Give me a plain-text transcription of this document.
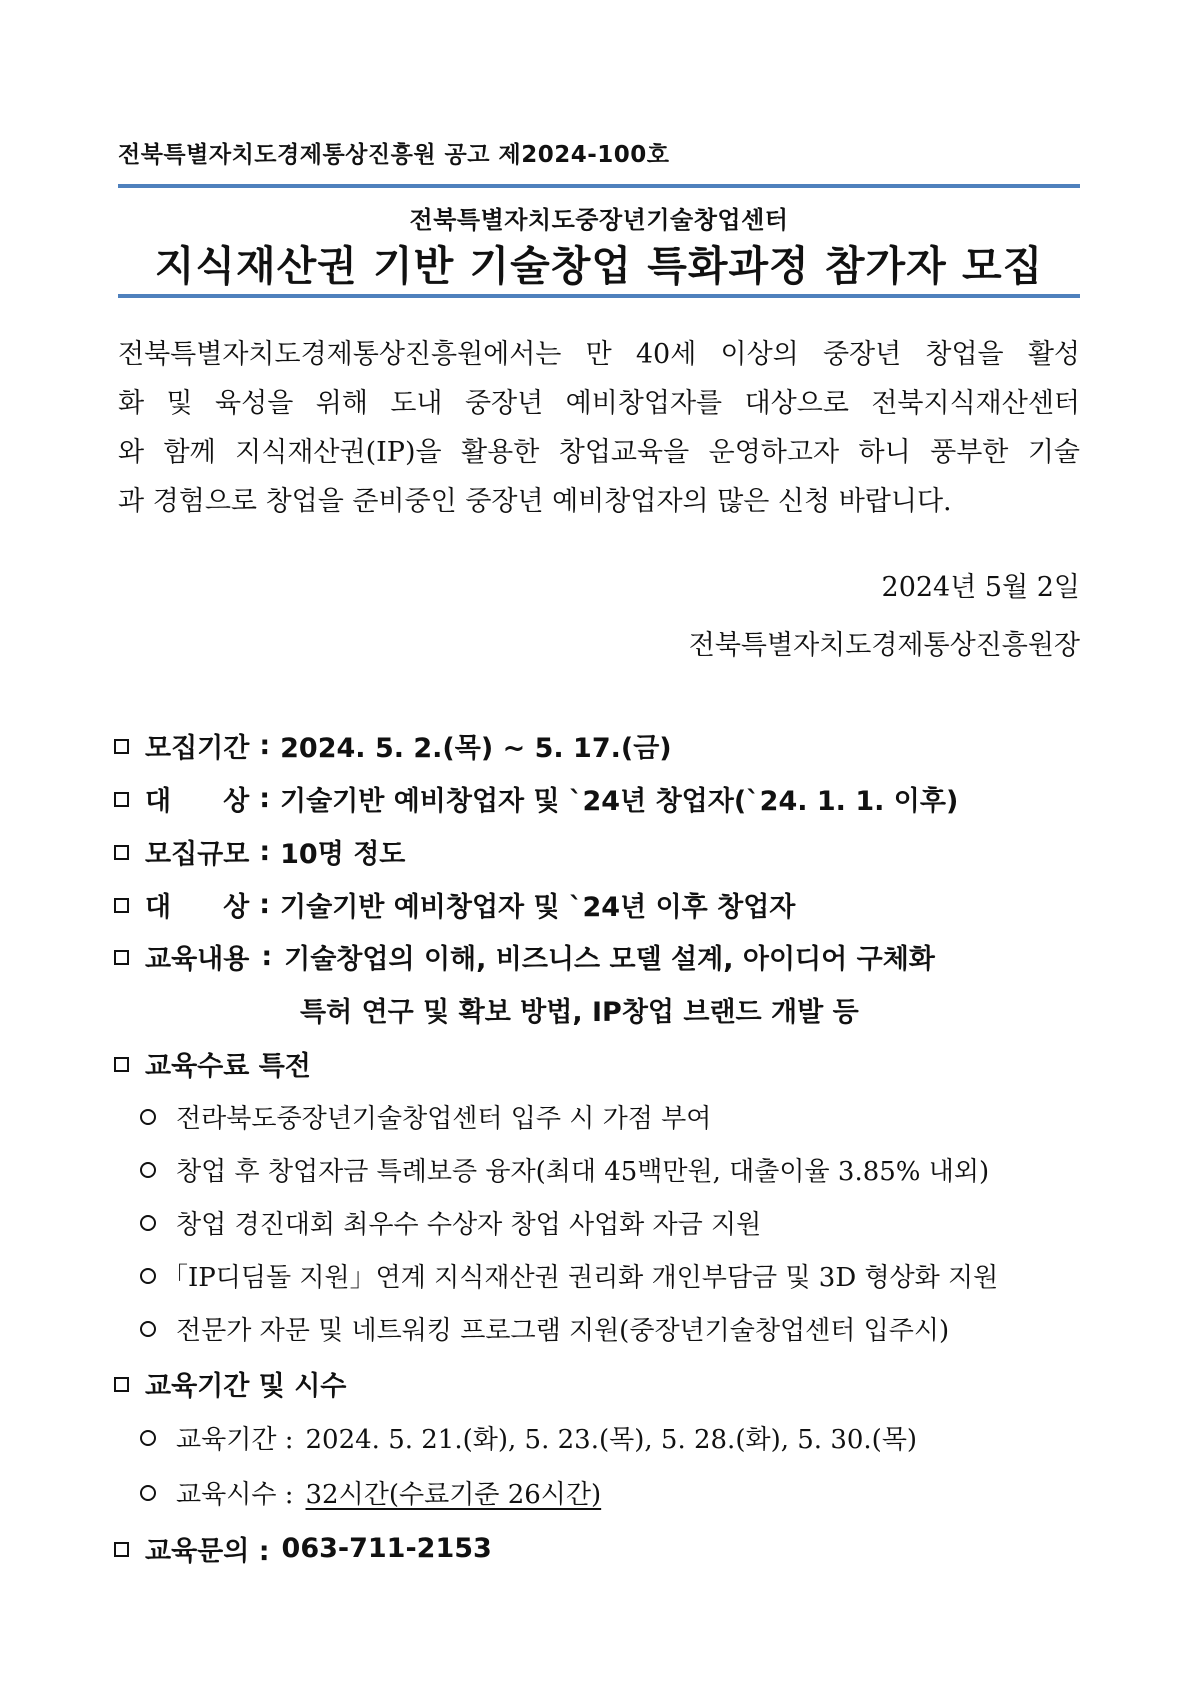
전북특별자치도경제통상진흥원 공고 제2024-100호
전북특별자치도중장년기술창업센터
지식재산권 기반 기술창업 특화과정 참가자 모집
전북특별자치도경제통상진흥원에서는 만 40세 이상의 중장년 창업을 활성
화 및 육성을 위해 도내 중장년 예비창업자를 대상으로 전북지식재산센터
와 함께 지식재산권(IP)을 활용한 창업교육을 운영하고자 하니 풍부한 기술
과 경험으로 창업을 준비중인 중장년 예비창업자의 많은 신청 바랍니다.
2024년 5월 2일
전북특별자치도경제통상진흥원장
모집기간 : 2024. 5. 2.(목) ~ 5. 17.(금)
대 상 : 기술기반 예비창업자 및 `24년 창업자(`24. 1. 1. 이후)
모집규모 : 10명 정도
대 상 : 기술기반 예비창업자 및 `24년 이후 창업자
교육내용 : 기술창업의 이해, 비즈니스 모델 설계, 아이디어 구체화
특허 연구 및 확보 방법, IP창업 브랜드 개발 등
교육수료 특전
전라북도중장년기술창업센터 입주 시 가점 부여
창업 후 창업자금 특례보증 융자(최대 45백만원, 대출이율 3.85% 내외)
창업 경진대회 최우수 수상자 창업 사업화 자금 지원
「IP디딤돌 지원」연계 지식재산권 권리화 개인부담금 및 3D 형상화 지원
전문가 자문 및 네트워킹 프로그램 지원(중장년기술창업센터 입주시)
교육기간 및 시수
교육기간 : 2024. 5. 21.(화), 5. 23.(목), 5. 28.(화), 5. 30.(목)
교육시수 : 32시간(수료기준 26시간)
교육문의 : 063-711-2153
